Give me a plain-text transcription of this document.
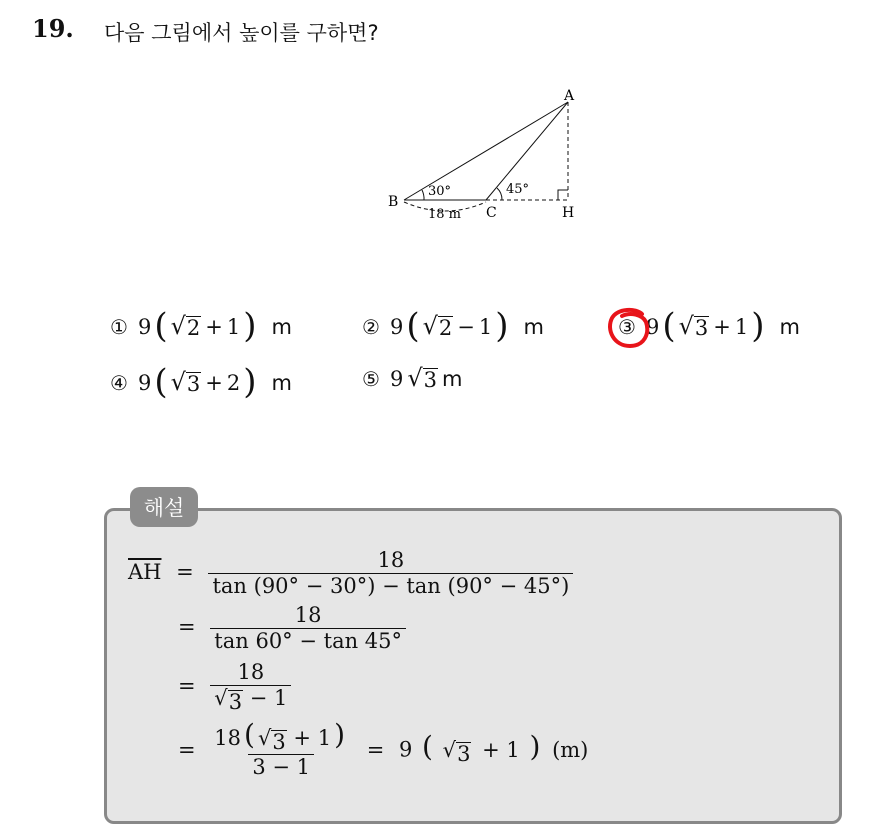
19. 다음 그림에서 높이를 구하면?
A
B
C	H
30°	45°
18 m
① 9 ( √ 2 + 1 ) m	② 9 ( √ 2 − 1 ) m	③ 9 ( √ 3 + 1 ) m
④ 9 ( √ 3 + 2 ) m	⑤ 9 √ 3 m
해설
$\overline{AH} = \frac{18}{\tan (90^\circ - 30^\circ) - \tan (90^\circ - 45^\circ)}$
= $\frac{18}{\tan 60^\circ - \tan 45^\circ}$
= $\frac{18}{√ 3 - 1}$
= $\frac{18 ( √ 3 + 1 )}{3 - 1} = 9$ ( √ 3 + 1 ) (m)
